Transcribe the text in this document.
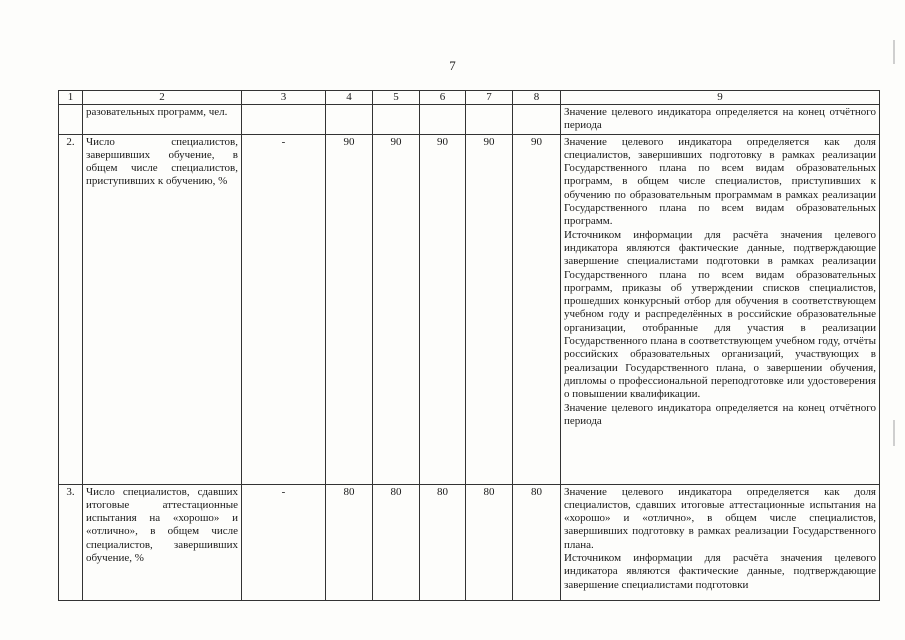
7
1	2	3	4	5	6	7	8	9
	разовательных программ, чел.							Значение целевого индикатора определяется на конец отчётного периода

2.	Число специалистов, завершивших обучение, в общем числе специалистов, приступивших к обучению, %	-	90	90	90	90	90	Значение целевого индикатора определяется как доля специалистов, завершивших подготовку в рамках реализации Государственного плана по всем видам образовательных программ, в общем числе специалистов, приступивших к обучению по образовательным программам в рамках реализации Государственного плана по всем видам образовательных программ.

Источником информации для расчёта значения целевого индикатора являются фактические данные, подтверждающие завершение специалистами подготовки в рамках реализации Государственного плана по всем видам образовательных программ, приказы об утверждении списков специалистов, прошедших конкурсный отбор для обучения в соответствующем учебном году и распределённых в российские образовательные организации, отобранные для участия в реализации Государственного плана в соответствующем учебном году, отчёты российских образовательных организаций, участвующих в реализации Государственного плана, о завершении обучения, дипломы о профессиональной переподготовке или удостоверения о повышении квалификации.

Значение целевого индикатора определяется на конец отчётного периода

3.	Число специалистов, сдавших итоговые аттестационные испытания на «хорошо» и «отлично», в общем числе специалистов, завершивших обучение, %	-	80	80	80	80	80	Значение целевого индикатора определяется как доля специалистов, сдавших итоговые аттестационные испытания на «хорошо» и «отлично», в общем числе специалистов, завершивших подготовку в рамках реализации Государственного плана.

Источником информации для расчёта значения целевого индикатора являются фактические данные, подтверждающие завершение специалистами подготовки
